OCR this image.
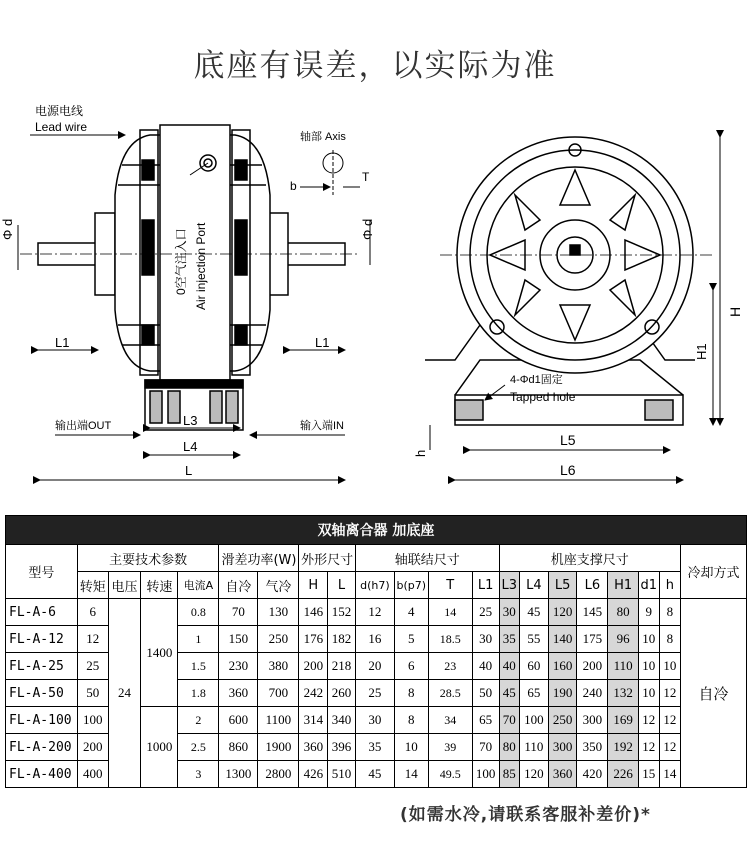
底座有误差，以实际为准
电源电线
Lead wire
轴部 Axis
b
T
Φ d	Φ d
0空气注入口 Air injection Port
L1	L1
L3
L4
L
输出端OUT	输入端IN
4-Φd1固定
Tapped hole
H
H1
h
L5
L6
双轴离合器 加底座																				
型号	主要技术参数				滑差功率(W)		外形尺寸		轴联结尺寸				机座支撑尺寸							冷却方式
	转矩	电压	转速	电流A	自冷	气冷	H	L	d(h7)	b(p7)	T	L1	L3	L4	L5	L6	H1	d1	h	
FL-A-6	6	24	1400	0.8	70	130	146	152	12	4	14	25	30	45	120	145	80	9	8	自冷
FL-A-12	12			1	150	250	176	182	16	5	18.5	30	35	55	140	175	96	10	8	
FL-A-25	25			1.5	230	380	200	218	20	6	23	40	40	60	160	200	110	10	10	
FL-A-50	50			1.8	360	700	242	260	25	8	28.5	50	45	65	190	240	132	10	12	
FL-A-100	100		1000	2	600	1100	314	340	30	8	34	65	70	100	250	300	169	12	12	
FL-A-200	200			2.5	860	1900	360	396	35	10	39	70	80	110	300	350	192	12	12	
FL-A-400	400			3	1300	2800	426	510	45	14	49.5	100	85	120	360	420	226	15	14	
(如需水冷,请联系客服补差价)*
